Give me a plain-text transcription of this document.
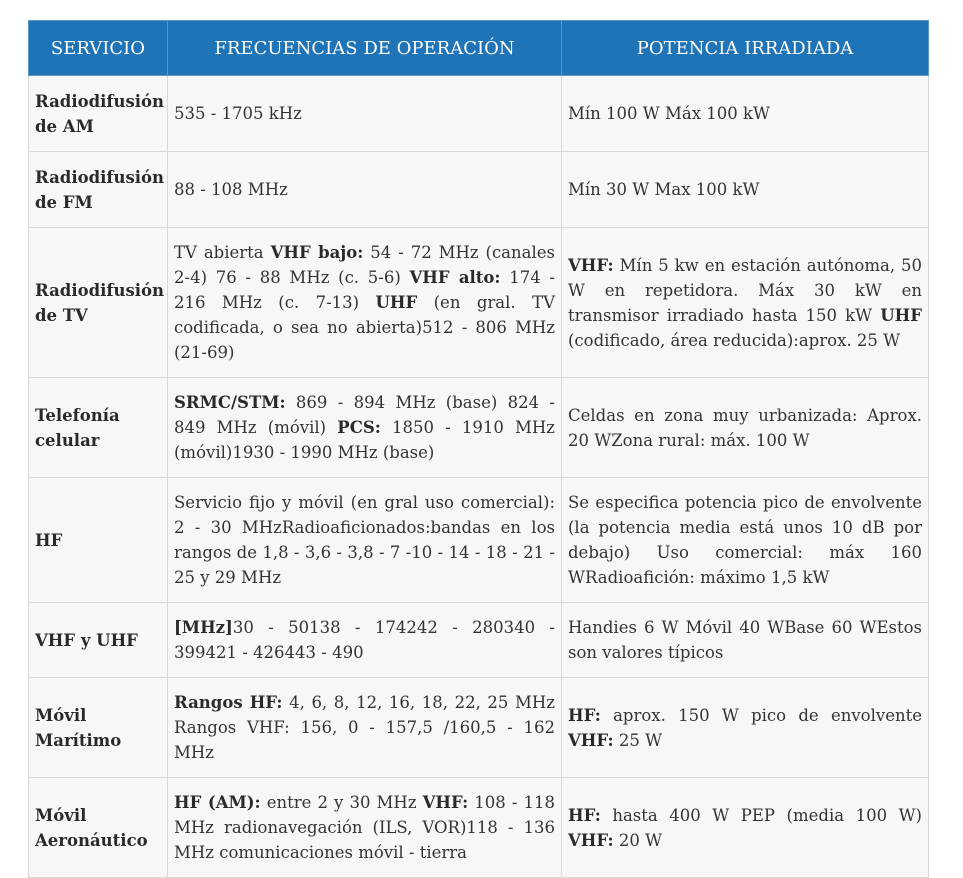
SERVICIO	FRECUENCIAS DE OPERACIÓN	POTENCIA IRRADIADA
Radiodifusión de AM	535 - 1705 kHz	Mín 100 W Máx 100 kW
Radiodifusión de FM	88 - 108 MHz	Mín 30 W Max 100 kW
Radiodifusión de TV	TV abierta VHF bajo: 54 - 72 MHz (canales 2-4) 76 - 88 MHz (c. 5-6) VHF alto: 174 - 216 MHz (c. 7-13) UHF (en gral. TV codificada, o sea no abierta)512 - 806 MHz (21-69)	VHF: Mín 5 kw en estación autónoma, 50 W en repetidora. Máx 30 kW en transmisor irradiado hasta 150 kW UHF (codificado, área reducida):aprox. 25 W
Telefonía celular	SRMC/STM: 869 - 894 MHz (base) 824 - 849 MHz (móvil) PCS: 1850 - 1910 MHz (móvil)1930 - 1990 MHz (base)	Celdas en zona muy urbanizada: Aprox. 20 WZona rural: máx. 100 W
HF	Servicio fijo y móvil (en gral uso comercial): 2 - 30 MHzRadioaficionados:bandas en los rangos de 1,8 - 3,6 - 3,8 - 7 -10 - 14 - 18 - 21 - 25 y 29 MHz	Se especifica potencia pico de envolvente (la potencia media está unos 10 dB por debajo) Uso comercial: máx 160 WRadioafición: máximo 1,5 kW
VHF y UHF	[MHz]30 - 50138 - 174242 - 280340 - 399421 - 426443 - 490	Handies 6 W Móvil 40 WBase 60 WEstos son valores típicos
Móvil Marítimo	Rangos HF: 4, 6, 8, 12, 16, 18, 22, 25 MHz Rangos VHF: 156, 0 - 157,5 /160,5 - 162 MHz	HF: aprox. 150 W pico de envolvente VHF: 25 W
Móvil Aeronáutico	HF (AM): entre 2 y 30 MHz VHF: 108 - 118 MHz radionavegación (ILS, VOR)118 - 136 MHz comunicaciones móvil - tierra	HF: hasta 400 W PEP (media 100 W) VHF: 20 W
